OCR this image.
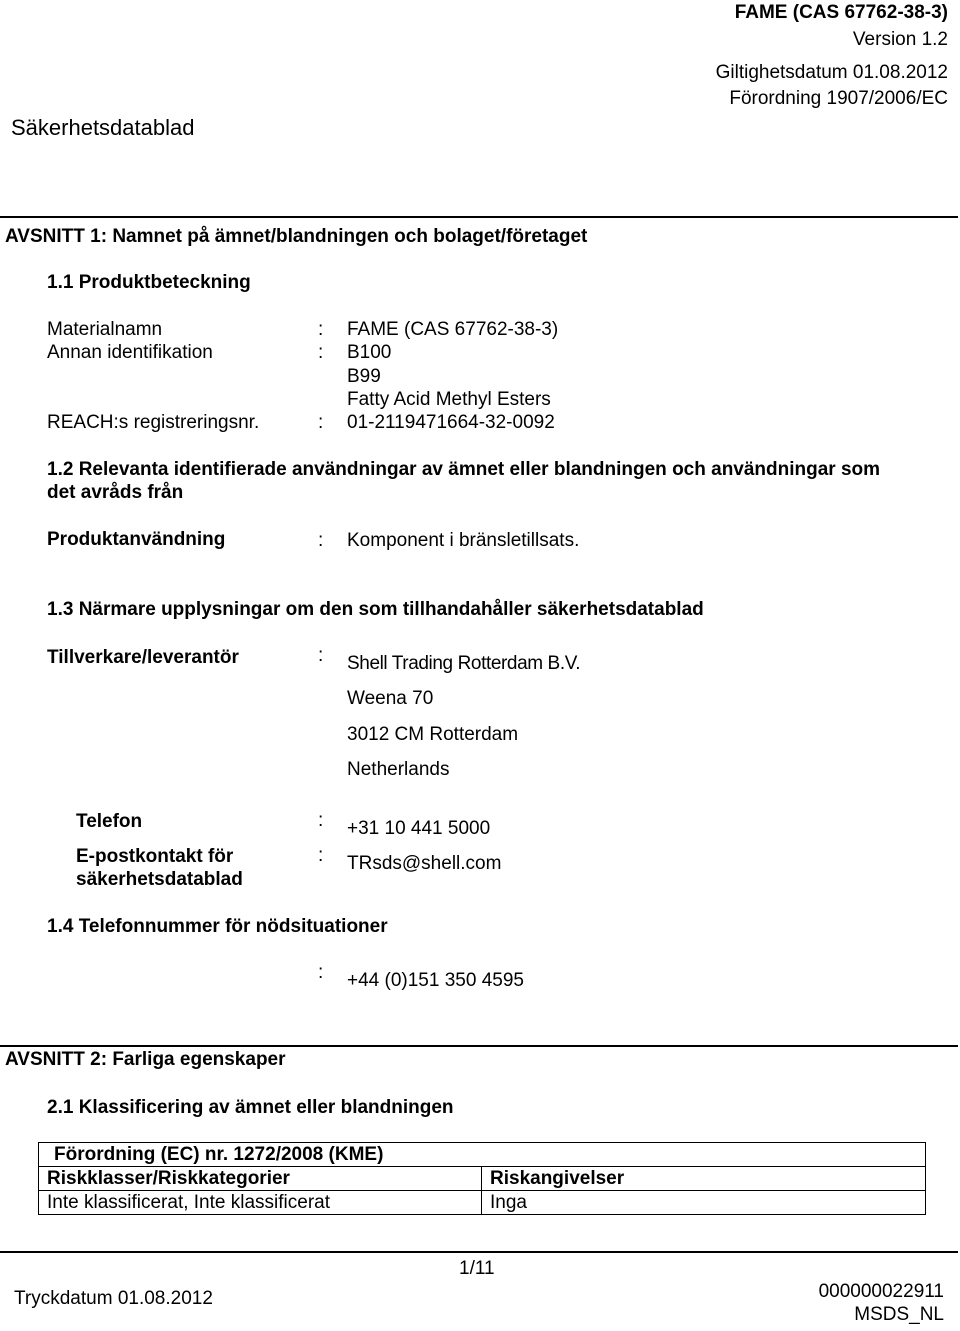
FAME (CAS 67762-38-3)
Version 1.2
Giltighetsdatum 01.08.2012
Förordning 1907/2006/EC
Säkerhetsdatablad
AVSNITT 1: Namnet på ämnet/blandningen och bolaget/företaget
1.1 Produktbeteckning
Materialnamn	: FAME (CAS 67762-38-3)
Annan identifikation	: B100
B99
Fatty Acid Methyl Esters
REACH:s registreringsnr.	: 01-2119471664-32-0092
1.2 Relevanta identifierade användningar av ämnet eller blandningen och användningar som
det avråds från
Produktanvändning	: Komponent i bränsletillsats.
1.3 Närmare upplysningar om den som tillhandahåller säkerhetsdatablad
Tillverkare/leverantör	: Shell Trading Rotterdam B.V.
Weena 70
3012 CM Rotterdam
Netherlands
Telefon	: +31 10 441 5000
E-postkontakt för
säkerhetsdatablad
: TRsds@shell.com
1.4 Telefonnummer för nödsituationer
: +44 (0)151 350 4595
AVSNITT 2: Farliga egenskaper
2.1 Klassificering av ämnet eller blandningen
Förordning (EC) nr. 1272/2008 (KME)	
Riskklasser/Riskkategorier	Riskangivelser
Inte klassificerat, Inte klassificerat	Inga
1/11
Tryckdatum 01.08.2012	000000022911
MSDS_NL
